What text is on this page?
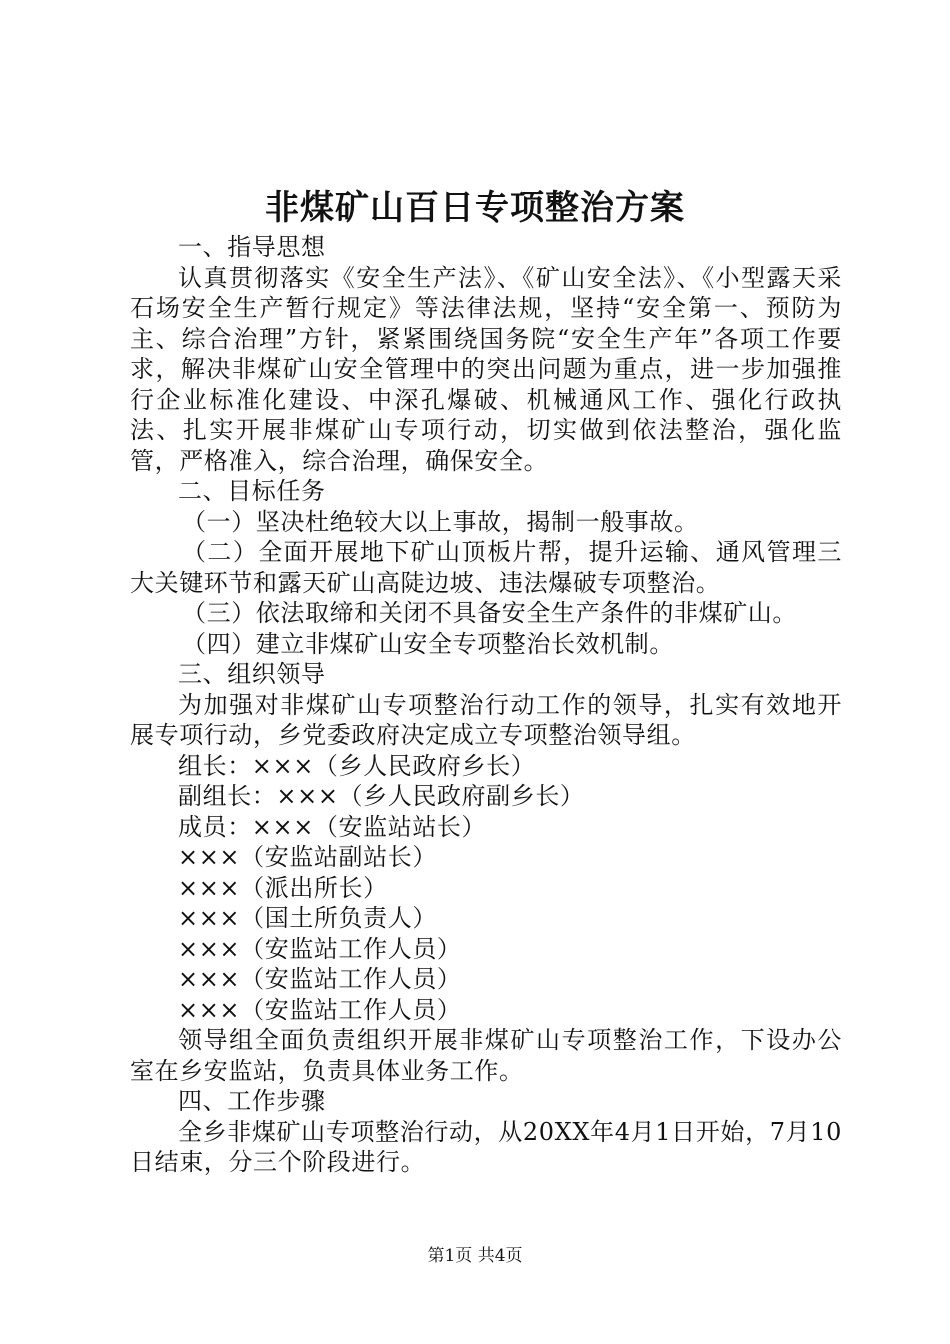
非煤矿山百日专项整治方案

一、指导思想

认真贯彻落实《安全生产法》、《矿山安全法》、《小型露天采石场安全生产暂行规定》等法律法规，坚持“安全第一、预防为主、综合治理”方针，紧紧围绕国务院“安全生产年”各项工作要求，解决非煤矿山安全管理中的突出问题为重点，进一步加强推行企业标准化建设、中深孔爆破、机械通风工作、强化行政执法、扎实开展非煤矿山专项行动，切实做到依法整治，强化监管，严格准入，综合治理，确保安全。

二、目标任务

（一）坚决杜绝较大以上事故，揭制一般事故。

（二）全面开展地下矿山顶板片帮，提升运输、通风管理三大关键环节和露天矿山高陡边坡、违法爆破专项整治。

（三）依法取缔和关闭不具备安全生产条件的非煤矿山。

（四）建立非煤矿山安全专项整治长效机制。

三、组织领导

为加强对非煤矿山专项整治行动工作的领导，扎实有效地开展专项行动，乡党委政府决定成立专项整治领导组。

组长：×××（乡人民政府乡长）

副组长：×××（乡人民政府副乡长）

成员：×××（安监站站长）

×××（安监站副站长）

×××（派出所长）

×××（国土所负责人）

×××（安监站工作人员）

×××（安监站工作人员）

×××（安监站工作人员）

领导组全面负责组织开展非煤矿山专项整治工作，下设办公室在乡安监站，负责具体业务工作。

四、工作步骤

全乡非煤矿山专项整治行动，从20XX年4月1日开始，7月10日结束，分三个阶段进行。

第1页 共4页
